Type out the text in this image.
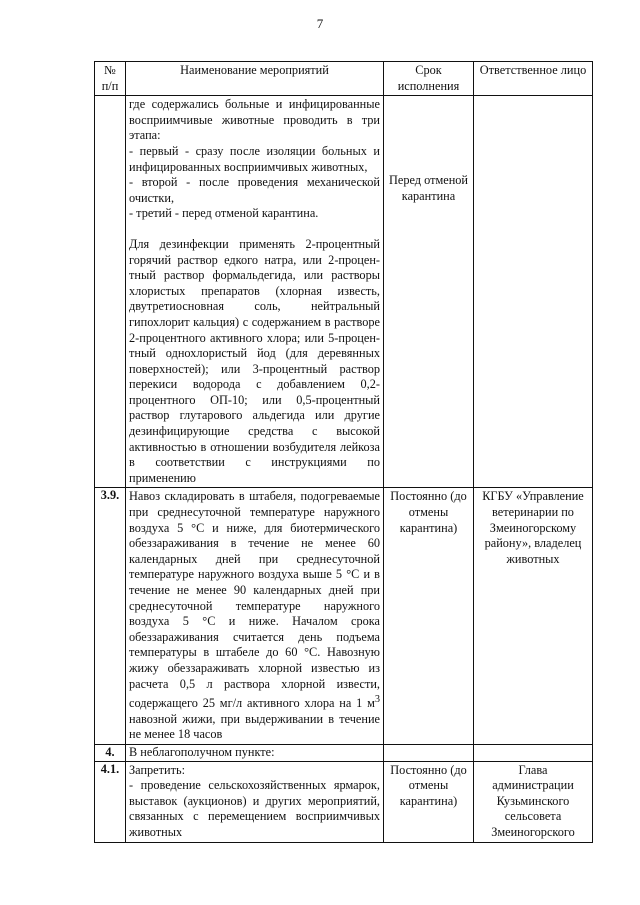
7
№ п/п	Наименование мероприятий	Срок исполнения	Ответственное лицо

	где содержались больные и инфицированные восприимчивые животные проводить в три этапа:
- первый - сразу после изоляции больных и инфицированных восприимчивых животных,
- второй - после проведения механической очистки,
- третий - перед отменой карантина.
Для дезинфекции применять 2-процентный горячий раствор едкого натра, или 2-процен-тный раствор формальдегида, или растворы хлористых препаратов (хлорная известь, двутретиосновная соль, нейтральный гипохлорит кальция) с содержанием в растворе 2-процентного активного хлора; или 5-процен-тный однохлористый йод (для деревянных поверхностей); или 3-процентный раствор перекиси водорода с добавлением 0,2-процентного ОП-10; или 0,5-процентный раствор глутарового альдегида или другие дезинфицирующие средства с высокой активностью в отношении возбудителя лейкоза в соответствии с инструкциями по применению	Перед отменой карантина	

3.9.	Навоз складировать в штабеля, подогреваемые при среднесуточной температуре наружного воздуха 5 °С и ниже, для биотермического обеззараживания в течение не менее 60 календарных дней при среднесуточной температуре наружного воздуха выше 5 °С и в течение не менее 90 календарных дней при среднесуточной температуре наружного воздуха 5 °С и ниже. Началом срока обеззараживания считается день подъема температуры в штабеле до 60 °С. Навозную жижу обеззараживать хлорной известью из расчета 0,5 л раствора хлорной извести, содержащего 25 мг/л активного хлора на 1 $м^3$ навозной жижи, при выдерживании в течение не менее 18 часов	Постоянно (до отмены карантина)	КГБУ «Управление ветеринарии по Змеиногорскому району», владелец животных
4.	В неблагополучном пункте:		
4.1.	Запретить:
- проведение сельскохозяйственных ярмарок, выставок (аукционов) и других мероприятий, связанных с перемещением восприимчивых животных	Постоянно (до отмены карантина)	Глава администрации Кузьминского сельсовета Змеиногорского
